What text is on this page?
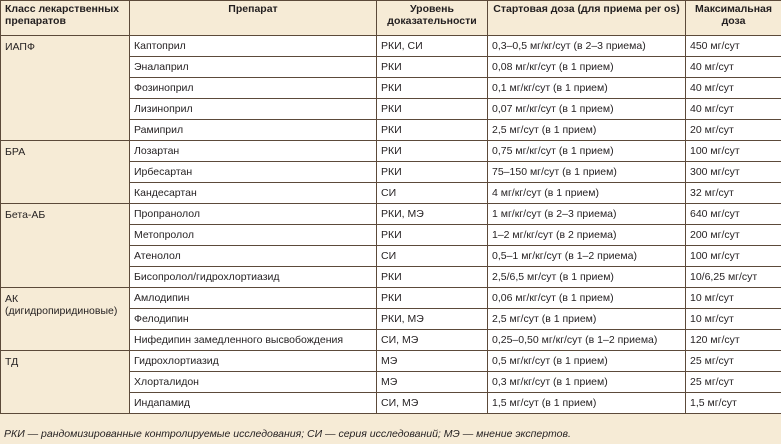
Класс лекарственных препаратов	Препарат	Уровень доказательности	Стартовая доза (для приема per os)	Максимальная доза
ИАПФ	Каптоприл	РКИ, СИ	0,3–0,5 мг/кг/сут (в 2–3 приема)	450 мг/сут
	Эналаприл	РКИ	0,08 мг/кг/сут (в 1 прием)	40 мг/сут
	Фозиноприл	РКИ	0,1 мг/кг/сут (в 1 прием)	40 мг/сут
	Лизиноприл	РКИ	0,07 мг/кг/сут (в 1 прием)	40 мг/сут
	Рамиприл	РКИ	2,5 мг/сут (в 1 прием)	20 мг/сут
БРА	Лозартан	РКИ	0,75 мг/кг/сут (в 1 прием)	100 мг/сут
	Ирбесартан	РКИ	75–150 мг/сут (в 1 прием)	300 мг/сут
	Кандесартан	СИ	4 мг/кг/сут (в 1 прием)	32 мг/сут
Бета-АБ	Пропранолол	РКИ, МЭ	1 мг/кг/сут (в 2–3 приема)	640 мг/сут
	Метопролол	РКИ	1–2 мг/кг/сут (в 2 приема)	200 мг/сут
	Атенолол	СИ	0,5–1 мг/кг/сут (в 1–2 приема)	100 мг/сут
	Бисопролол/гидрохлортиазид	РКИ	2,5/6,5 мг/сут (в 1 прием)	10/6,25 мг/сут
АК (дигидропиридиновые)	Амлодипин	РКИ	0,06 мг/кг/сут (в 1 прием)	10 мг/сут
	Фелодипин	РКИ, МЭ	2,5 мг/сут (в 1 прием)	10 мг/сут
	Нифедипин замедленного высвобождения	СИ, МЭ	0,25–0,50 мг/кг/сут (в 1–2 приема)	120 мг/сут
ТД	Гидрохлортиазид	МЭ	0,5 мг/кг/сут (в 1 прием)	25 мг/сут
	Хлорталидон	МЭ	0,3 мг/кг/сут (в 1 прием)	25 мг/сут
	Индапамид	СИ, МЭ	1,5 мг/сут (в 1 прием)	1,5 мг/сут
РКИ — рандомизированные контролируемые исследования; СИ — серия исследований; МЭ — мнение экспертов.
